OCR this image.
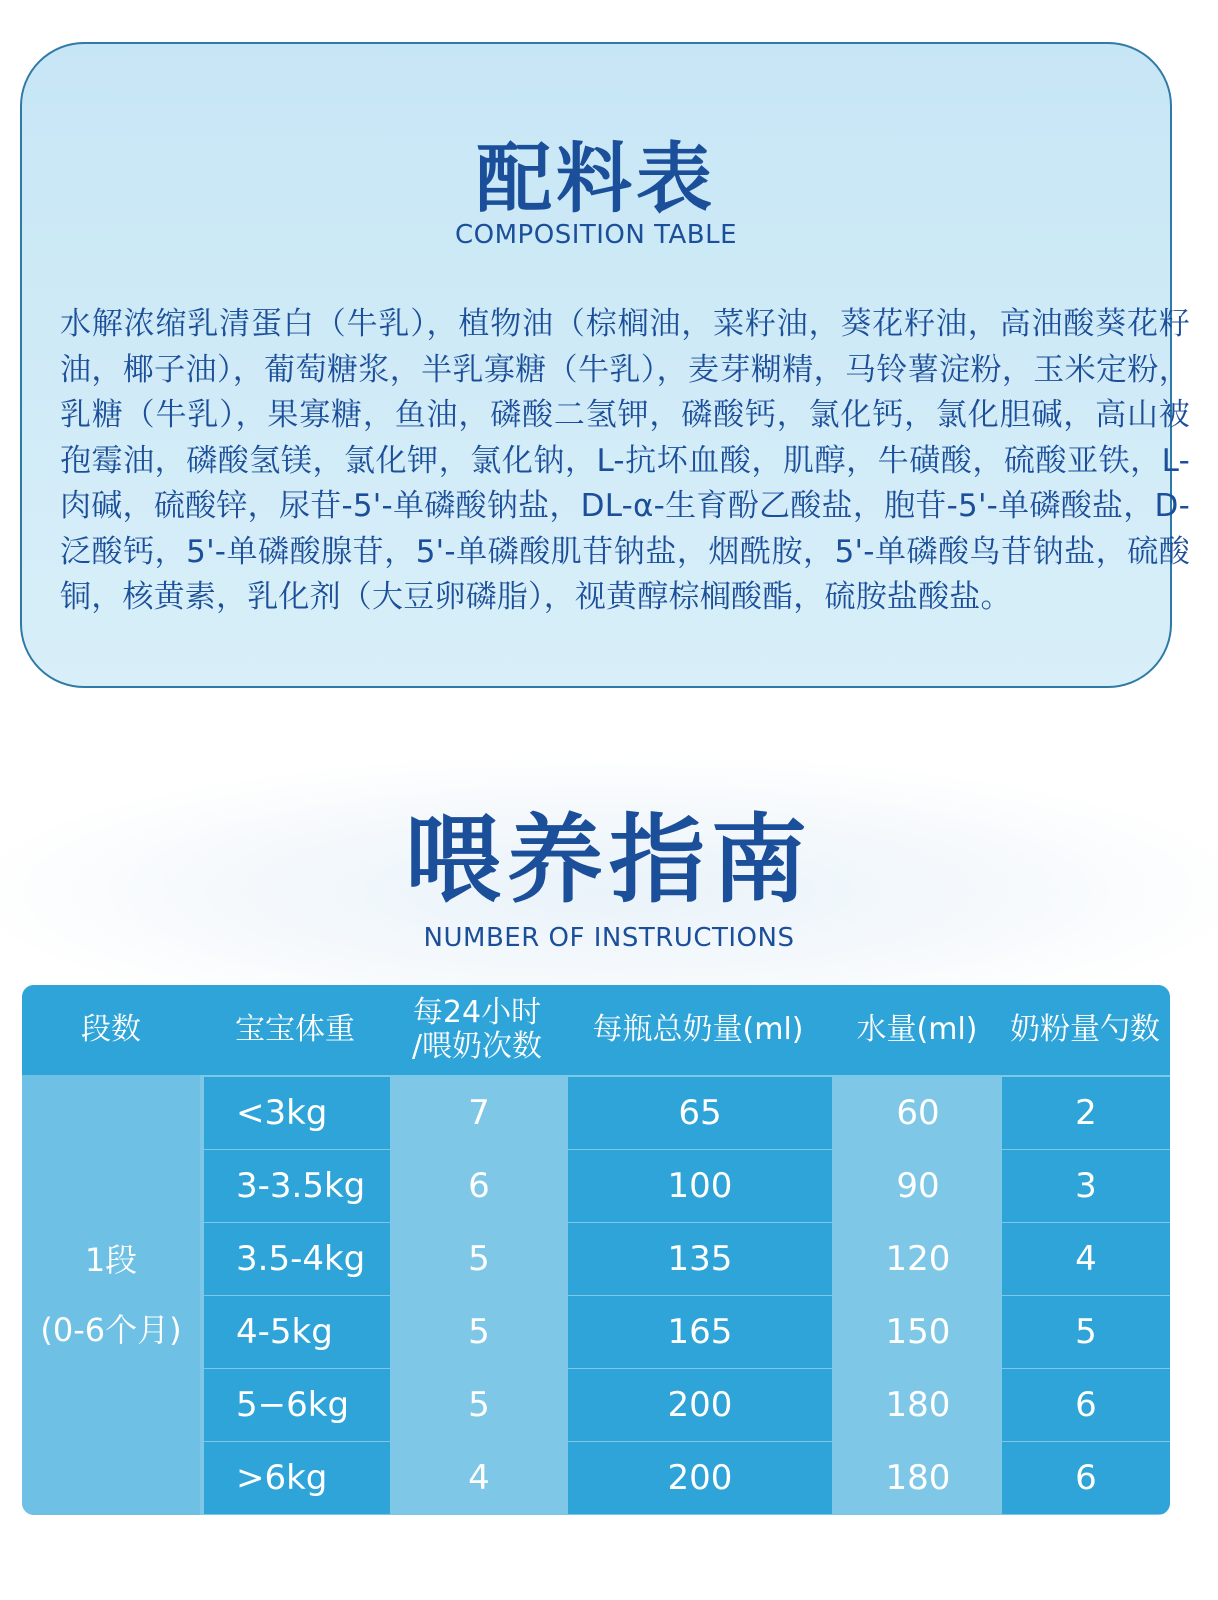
配料表
COMPOSITION TABLE

水解浓缩乳清蛋白（牛乳），植物油（棕榈油，菜籽油，葵花籽油，高油酸葵花籽油，椰子油），葡萄糖浆，半乳寡糖（牛乳），麦芽糊精，马铃薯淀粉，玉米定粉，乳糖（牛乳），果寡糖，鱼油，磷酸二氢钾，磷酸钙，氯化钙，氯化胆碱，高山被孢霉油，磷酸氢镁，氯化钾，氯化钠，L-抗坏血酸，肌醇，牛磺酸，硫酸亚铁，L-肉碱，硫酸锌，尿苷-5'-单磷酸钠盐，DL-α-生育酚乙酸盐，胞苷-5'-单磷酸盐，D-泛酸钙，5'-单磷酸腺苷，5'-单磷酸肌苷钠盐，烟酰胺，5'-单磷酸鸟苷钠盐，硫酸铜，核黄素，乳化剂（大豆卵磷脂），视黄醇棕榈酸酯，硫胺盐酸盐。

喂养指南
NUMBER OF INSTRUCTIONS
段数	宝宝体重	每24小时
/喂奶次数	每瓶总奶量(ml)	水量(ml)	奶粉量勺数
1段
(0-6个月)
<3kg	7	65	60	2
3-3.5kg	6	100	90	3
3.5-4kg	5	135	120	4
4-5kg	5	165	150	5
5−6kg	5	200	180	6
>6kg	4	200	180	6
